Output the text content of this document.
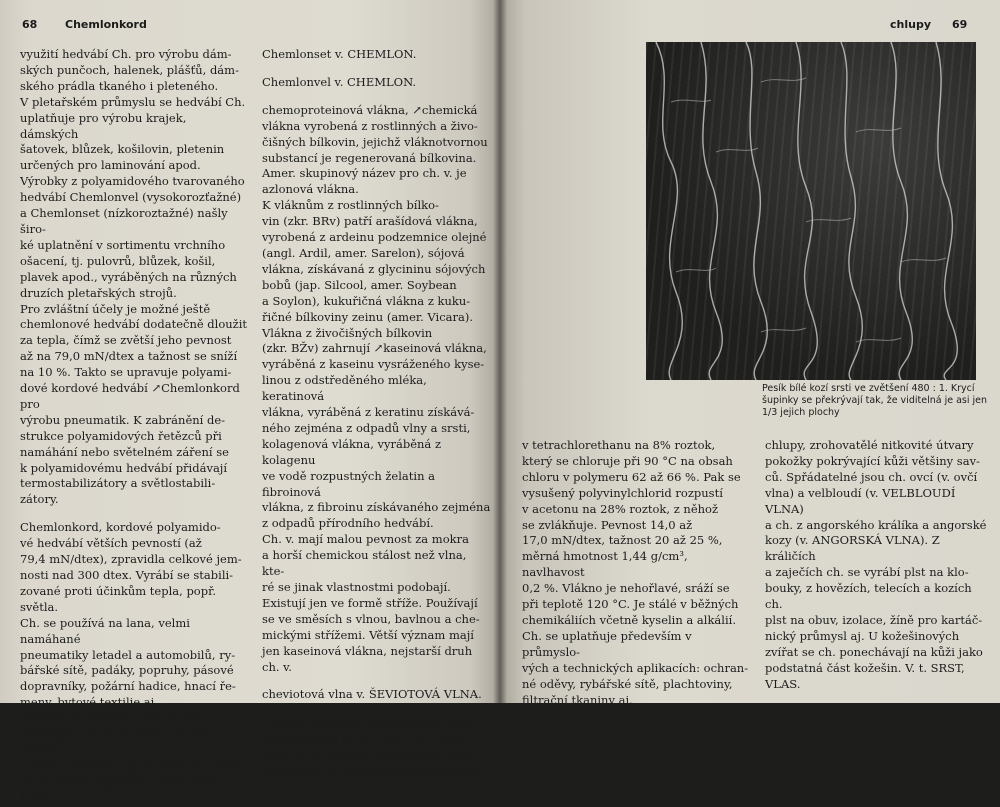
68	Chemlonkord

využití hedvábí Ch. pro výrobu dám-

ských punčoch, halenek, plášťů, dám-

ského prádla tkaného i pleteného.

V pletařském průmyslu se hedvábí Ch.

uplatňuje pro výrobu krajek, dámských

šatovek, blůzek, košilovin, pletenin

určených pro laminování apod.

Výrobky z polyamidového tvarovaného

hedvábí Chemlonvel (vysokorozťažné)

a Chemlonset (nízkoroztažné) našly širo-

ké uplatnění v sortimentu vrchního

ošacení, tj. pulovrů, blůzek, košil,

plavek apod., vyráběných na různých

druzích pletařských strojů.

Pro zvláštní účely je možné ještě

chemlonové hedvábí dodatečně dloužit

za tepla, čímž se zvětší jeho pevnost

až na 79,0 mN/dtex a tažnost se sníží

na 10 %. Takto se upravuje polyami-

dové kordové hedvábí ↗Chemlonkord pro

výrobu pneumatik. K zabránění de-

strukce polyamidových řetězců při

namáhání nebo světelném záření se

k polyamidovému hedvábí přidávají

termostabilizátory a světlostabili-

zátory.

Chemlonkord, kordové polyamido-

vé hedvábí větších pevností (až

79,4 mN/dtex), zpravidla celkové jem-

nosti nad 300 dtex. Vyrábí se stabili-

zované proti účinkům tepla, popř.

světla.

Ch. se používá na lana, velmi namáhané

pneumatiky letadel a automobilů, ry-

bářské sítě, padáky, popruhy, pásové

dopravníky, požární hadice, hnací ře-

meny, bytové textilie aj.

Barvený ve hmotě a tvarovaný se

expeduje pod obchodním názvem Chem-

lontex k přímému zpracování do ploš-

ných textilií, zejména podlahových

krytin.

Chemlonset v. CHEMLON.

Chemlonvel v. CHEMLON.

chemoproteinová vlákna, ↗chemická

vlákna vyrobená z rostlinných a živo-

čišných bílkovin, jejichž vláknotvornou

substancí je regenerovaná bílkovina.

Amer. skupinový název pro ch. v. je

azlonová vlákna.

K vláknům z rostlinných bílko-

vin (zkr. BRv) patří arašídová vlákna,

vyrobená z ardeinu podzemnice olejné

(angl. Ardil, amer. Sarelon), sójová

vlákna, získávaná z glycininu sójových

bobů (jap. Silcool, amer. Soybean

a Soylon), kukuřičná vlákna z kuku-

řičné bílkoviny zeinu (amer. Vicara).

Vlákna z živočišných bílkovin

(zkr. BŽv) zahrnují ↗kaseinová vlákna,

vyráběná z kaseinu vysráženého kyse-

linou z odstředěného mléka, keratinová

vlákna, vyráběná z keratinu získává-

ného zejména z odpadů vlny a srsti,

kolagenová vlákna, vyráběná z kolagenu

ve vodě rozpustných želatin a fibroinová

vlákna, z fibroinu získávaného zejména

z odpadů přírodního hedvábí.

Ch. v. mají malou pevnost za mokra

a horší chemickou stálost než vlna, kte-

ré se jinak vlastnostmi podobají.

Existují jen ve formě stříže. Používají

se ve směsích s vlnou, bavlnou a che-

mickými střížemi. Větší význam mají

jen kaseinová vlákna, nejstarší druh

ch. v.

cheviotová vlna v. ŠEVIOTOVÁ VLNA.

Chlorin, vlákno z chlorovaného poly-

vinylchloridu (v. t. POLYVINYLCHLO-

RIDOVÁ VLÁKNA), vyráběné v SSSR.

Připravuje se rozpouštěním polymeru

chlupy 69
Pesík bílé kozí srsti ve zvětšení 480 : 1. Krycí šupinky se překrývají tak, že viditelná je asi jen 1/3 jejich plochy

v tetrachlorethanu na 8% roztok,

který se chloruje při 90 °C na obsah

chloru v polymeru 62 až 66 %. Pak se

vysušený polyvinylchlorid rozpustí

v acetonu na 28% roztok, z něhož

se zvlákňuje. Pevnost 14,0 až

17,0 mN/dtex, tažnost 20 až 25 %,

měrná hmotnost 1,44 g/cm³, navlhavost

0,2 %. Vlákno je nehořlavé, sráží se

při teplotě 120 °C. Je stálé v běžných

chemikáliích včetně kyselin a alkálií.

Ch. se uplatňuje především v průmyslo-

vých a technických aplikacích: ochran-

né oděvy, rybářské sítě, plachtoviny,

filtrační tkaniny aj.

chlupy, zrohovatělé nitkovité útvary

pokožky pokrývající kůži většiny sav-

ců. Spřádatelné jsou ch. ovcí (v. ovčí

vlna) a velbloudí (v. VELBLOUDÍ VLNA)

a ch. z angorského králíka a angorské

kozy (v. ANGORSKÁ VLNA). Z králičích

a zaječích ch. se vyrábí plst na klo-

bouky, z hovězích, telecích a kozích ch.

plst na obuv, izolace, žíně pro kartáč-

nický průmysl aj. U kožešinových

zvířat se ch. ponechávají na kůži jako

podstatná část kožešin. V. t. SRST,

VLAS.
